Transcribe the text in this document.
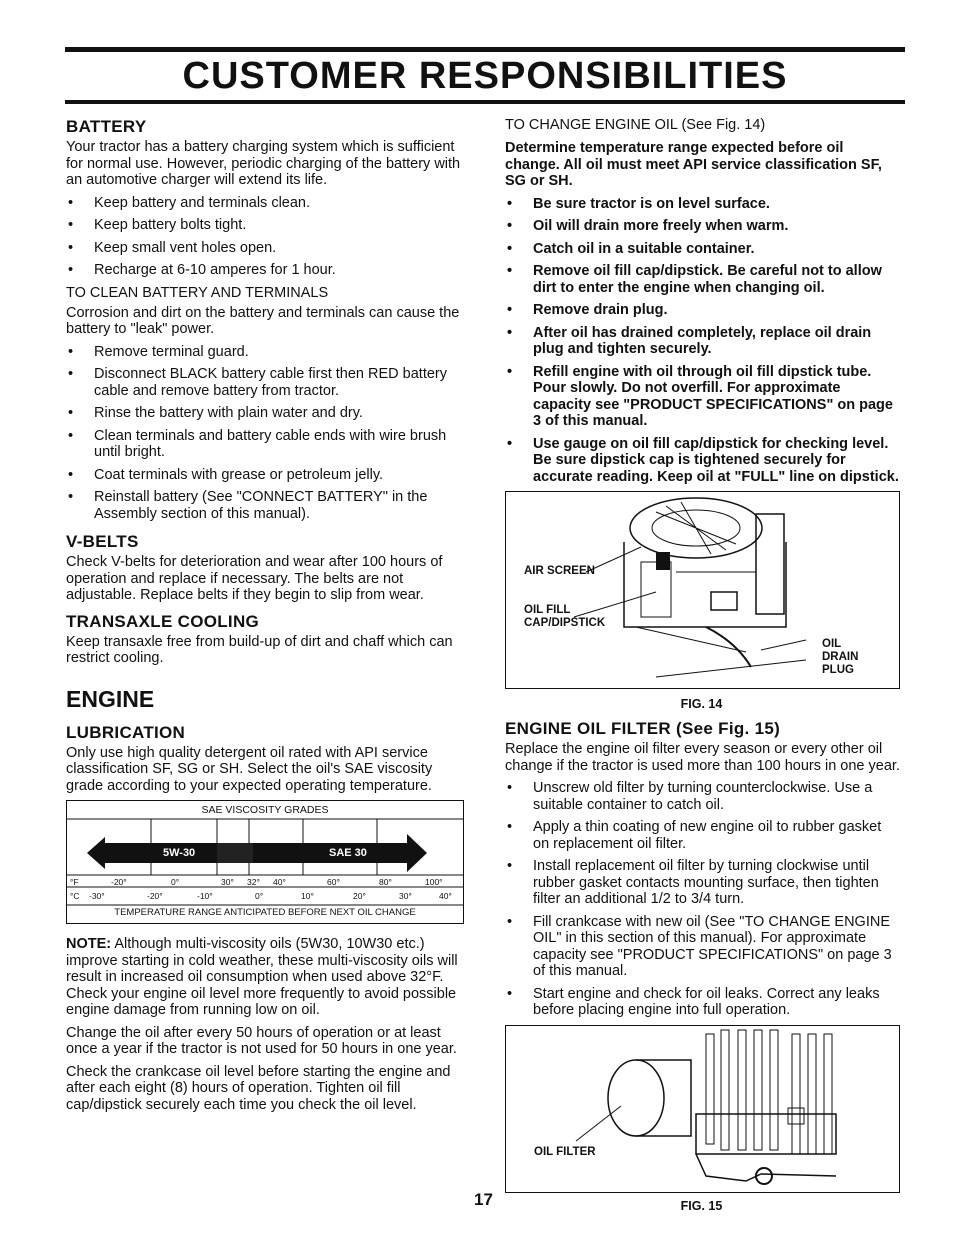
CUSTOMER RESPONSIBILITIES
BATTERY

Your tractor has a battery charging system which is sufficient for normal use. However, periodic charging of the battery with an automotive charger will extend its life.

• Keep battery and terminals clean.
• Keep battery bolts tight.
• Keep small vent holes open.
• Recharge at 6-10 amperes for 1 hour.
TO CLEAN BATTERY AND TERMINALS

Corrosion and dirt on the battery and terminals can cause the battery to "leak" power.

• Remove terminal guard.
• Disconnect BLACK battery cable first then RED battery cable and remove battery from tractor.
• Rinse the battery with plain water and dry.
• Clean terminals and battery cable ends with wire brush until bright.
• Coat terminals with grease or petroleum jelly.
• Reinstall battery (See "CONNECT BATTERY" in the Assembly section of this manual).
V-BELTS

Check V-belts for deterioration and wear after 100 hours of operation and replace if necessary. The belts are not adjustable. Replace belts if they begin to slip from wear.

TRANSAXLE COOLING

Keep transaxle free from build-up of dirt and chaff which can restrict cooling.

ENGINE
LUBRICATION

Only use high quality detergent oil rated with API service classification SF, SG or SH. Select the oil's SAE viscosity grade according to your expected operating temperature.

SAE VISCOSITY GRADES
5W-30	SAE 30
°F	-20°	0°	30° 32° 40°	60°	80°	100°
°C -30°	-20°	-10°	0°	10°	20°	30°	40°
TEMPERATURE RANGE ANTICIPATED BEFORE NEXT OIL CHANGE

NOTE: Although multi-viscosity oils (5W30, 10W30 etc.) improve starting in cold weather, these multi-viscosity oils will result in increased oil consumption when used above 32°F. Check your engine oil level more frequently to avoid possible engine damage from running low on oil.

Change the oil after every 50 hours of operation or at least once a year if the tractor is not used for 50 hours in one year.

Check the crankcase oil level before starting the engine and after each eight (8) hours of operation. Tighten oil fill cap/dipstick securely each time you check the oil level.

TO CHANGE ENGINE OIL (See Fig. 14)

Determine temperature range expected before oil change. All oil must meet API service classification SF, SG or SH.

• Be sure tractor is on level surface.
• Oil will drain more freely when warm.
• Catch oil in a suitable container.
• Remove oil fill cap/dipstick. Be careful not to allow dirt to enter the engine when changing oil.
• Remove drain plug.
• After oil has drained completely, replace oil drain plug and tighten securely.
• Refill engine with oil through oil fill dipstick tube. Pour slowly. Do not overfill. For approximate capacity see "PRODUCT SPECIFICATIONS" on page 3 of this manual.
• Use gauge on oil fill cap/dipstick for checking level. Be sure dipstick cap is tightened securely for accurate reading. Keep oil at "FULL" line on dipstick.
AIR SCREEN
OIL FILL
CAP/DIPSTICK
OIL
DRAIN
PLUG
FIG. 14
ENGINE OIL FILTER (See Fig. 15)

Replace the engine oil filter every season or every other oil change if the tractor is used more than 100 hours in one year.

• Unscrew old filter by turning counterclockwise. Use a suitable container to catch oil.
• Apply a thin coating of new engine oil to rubber gasket on replacement oil filter.
• Install replacement oil filter by turning clockwise until rubber gasket contacts mounting surface, then tighten filter an additional 1/2 to 3/4 turn.
• Fill crankcase with new oil (See "TO CHANGE ENGINE OIL" in this section of this manual). For approximate capacity see "PRODUCT SPECIFICATIONS" on page 3 of this manual.
• Start engine and check for oil leaks. Correct any leaks before placing engine into full operation.
OIL FILTER
FIG. 15
17
